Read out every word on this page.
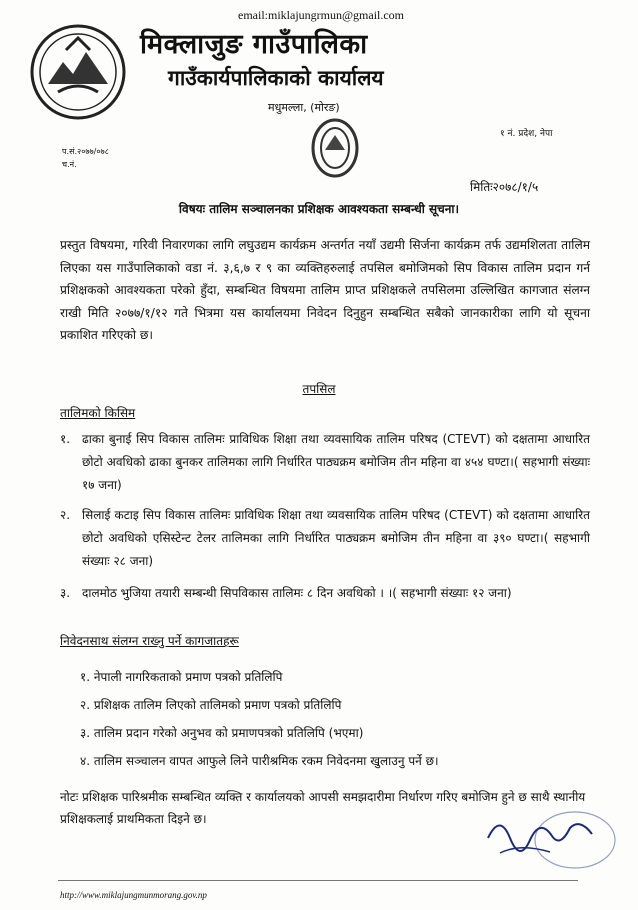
email:miklajungrmun@gmail.com
मिक्लाजुङ गाउँपालिका
गाउँकार्यपालिकाको कार्यालय
मधुमल्ला, (मोरङ)
१ नं. प्रदेश, नेपा
प.सं.२०७७/०७८
च.नं.
मितिः२०७८/१/५
विषयः तालिम सञ्चालनका प्रशिक्षक आवश्यकता सम्बन्धी सूचना।
प्रस्तुत विषयमा, गरिवी निवारणका लागि लघुउद्यम कार्यक्रम अन्तर्गत नयाँ उद्यमी सिर्जना कार्यक्रम तर्फ उद्यमशिलता तालिम लिएका यस गाउँपालिकाको वडा नं. ३,६,७ र ९ का व्यक्तिहरुलाई तपसिल बमोजिमको सिप विकास तालिम प्रदान गर्न प्रशिक्षकको आवश्यकता परेको हुँदा, सम्बन्धित विषयमा तालिम प्राप्त प्रशिक्षकले तपसिलमा उल्लिखित कागजात संलग्न राखी मिति २०७७/१/१२ गते भित्रमा यस कार्यालयमा निवेदन दिनुहुन सम्बन्धित सबैको जानकारीका लागि यो सूचना प्रकाशित गरिएको छ।
तपसिल
तालिमको किसिम
१. ढाका बुनाई सिप विकास तालिमः प्राविधिक शिक्षा तथा व्यवसायिक तालिम परिषद (CTEVT) को दक्षतामा आधारित छोटो अवधिको ढाका बुनकर तालिमका लागि निर्धारित पाठ्यक्रम बमोजिम तीन महिना वा ४५४ घण्टा।( सहभागी संख्याः १७ जना)
२. सिलाई कटाइ सिप विकास तालिमः प्राविधिक शिक्षा तथा व्यवसायिक तालिम परिषद (CTEVT) को दक्षतामा आधारित छोटो अवधिको एसिस्टेन्ट टेलर तालिमका लागि निर्धारित पाठ्यक्रम बमोजिम तीन महिना वा ३९० घण्टा।( सहभागी संख्याः २८ जना)
३. दालमोठ भुजिया तयारी सम्बन्धी सिपविकास तालिमः ८ दिन अवधिको । ।( सहभागी संख्याः १२ जना)
निवेदनसाथ संलग्न राख्नु पर्ने कागजातहरू
१. नेपाली नागरिकताको प्रमाण पत्रको प्रतिलिपि
२. प्रशिक्षक तालिम लिएको तालिमको प्रमाण पत्रको प्रतिलिपि
३. तालिम प्रदान गरेको अनुभव को प्रमाणपत्रको प्रतिलिपि (भएमा)
४. तालिम सञ्चालन वापत आफुले लिने पारीश्रमिक रकम निवेदनमा खुलाउनु पर्ने छ।
नोटः प्रशिक्षक पारिश्रमीक सम्बन्धित व्यक्ति र कार्यालयको आपसी समझदारीमा निर्धारण गरिए बमोजिम हुने छ साथै स्थानीय प्रशिक्षकलाई प्राथमिकता दिइने छ।
http://www.miklajungmunmorang.gov.np
